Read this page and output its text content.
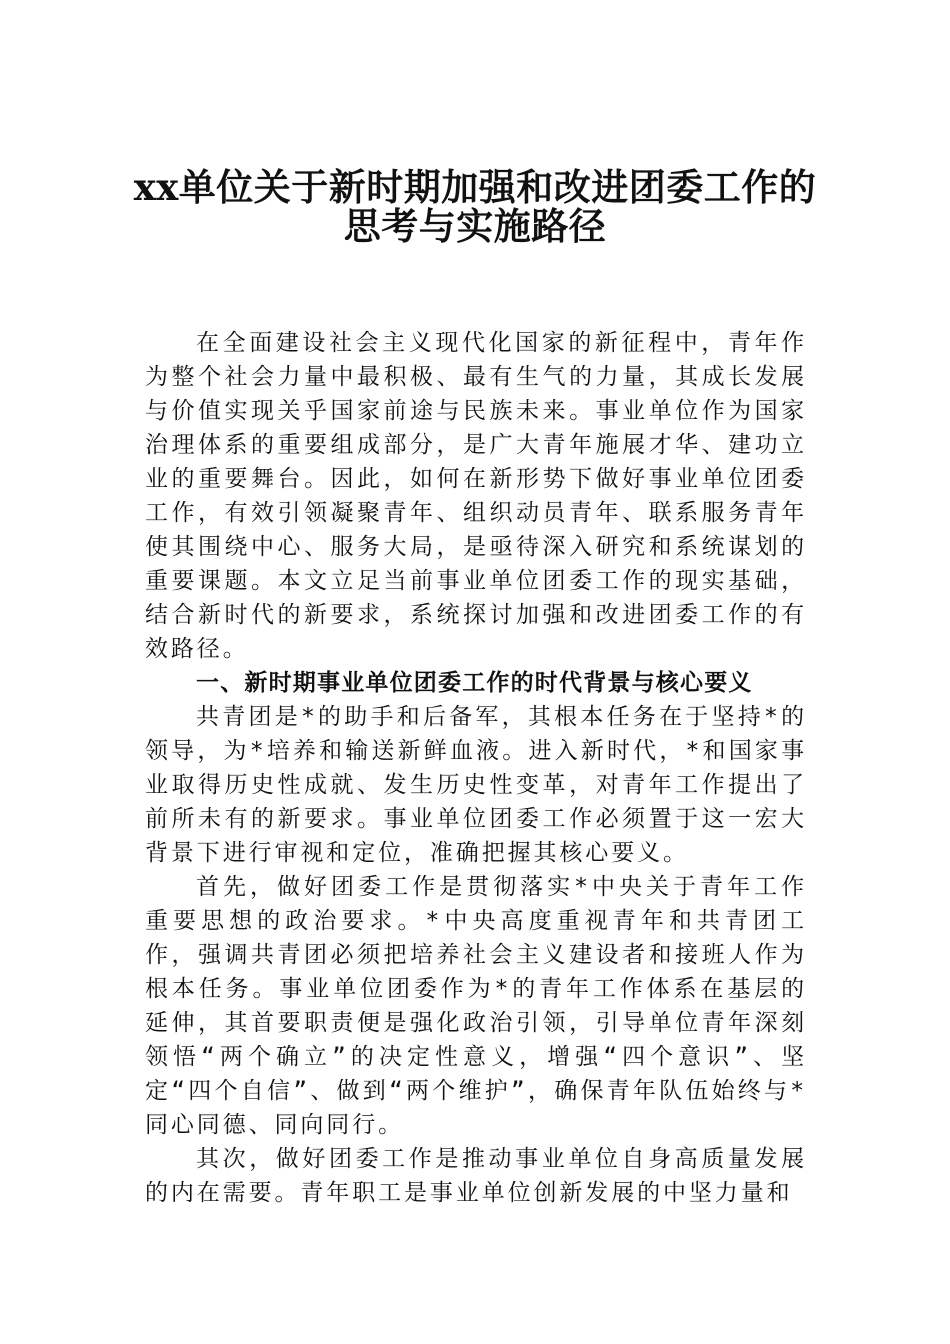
xx单位关于新时期加强和改进团委工作的
思考与实施路径

在全面建设社会主义现代化国家的新征程中，青年作为整个社会力量中最积极、最有生气的力量，其成长发展与价值实现关乎国家前途与民族未来。事业单位作为国家治理体系的重要组成部分，是广大青年施展才华、建功立业的重要舞台。因此，如何在新形势下做好事业单位团委工作，有效引领凝聚青年、组织动员青年、联系服务青年使其围绕中心、服务大局，是亟待深入研究和系统谋划的重要课题。本文立足当前事业单位团委工作的现实基础，结合新时代的新要求，系统探讨加强和改进团委工作的有效路径。

一、新时期事业单位团委工作的时代背景与核心要义

共青团是*的助手和后备军，其根本任务在于坚持*的领导，为*培养和输送新鲜血液。进入新时代，*和国家事业取得历史性成就、发生历史性变革，对青年工作提出了前所未有的新要求。事业单位团委工作必须置于这一宏大背景下进行审视和定位，准确把握其核心要义。

首先，做好团委工作是贯彻落实*中央关于青年工作重要思想的政治要求。*中央高度重视青年和共青团工作，强调共青团必须把培养社会主义建设者和接班人作为根本任务。事业单位团委作为*的青年工作体系在基层的延伸，其首要职责便是强化政治引领，引导单位青年深刻领悟“两个确立”的决定性意义，增强“四个意识”、坚定“四个自信”、做到“两个维护”，确保青年队伍始终与*同心同德、同向同行。

其次，做好团委工作是推动事业单位自身高质量发展的内在需要。青年职工是事业单位创新发展的中坚力量和
